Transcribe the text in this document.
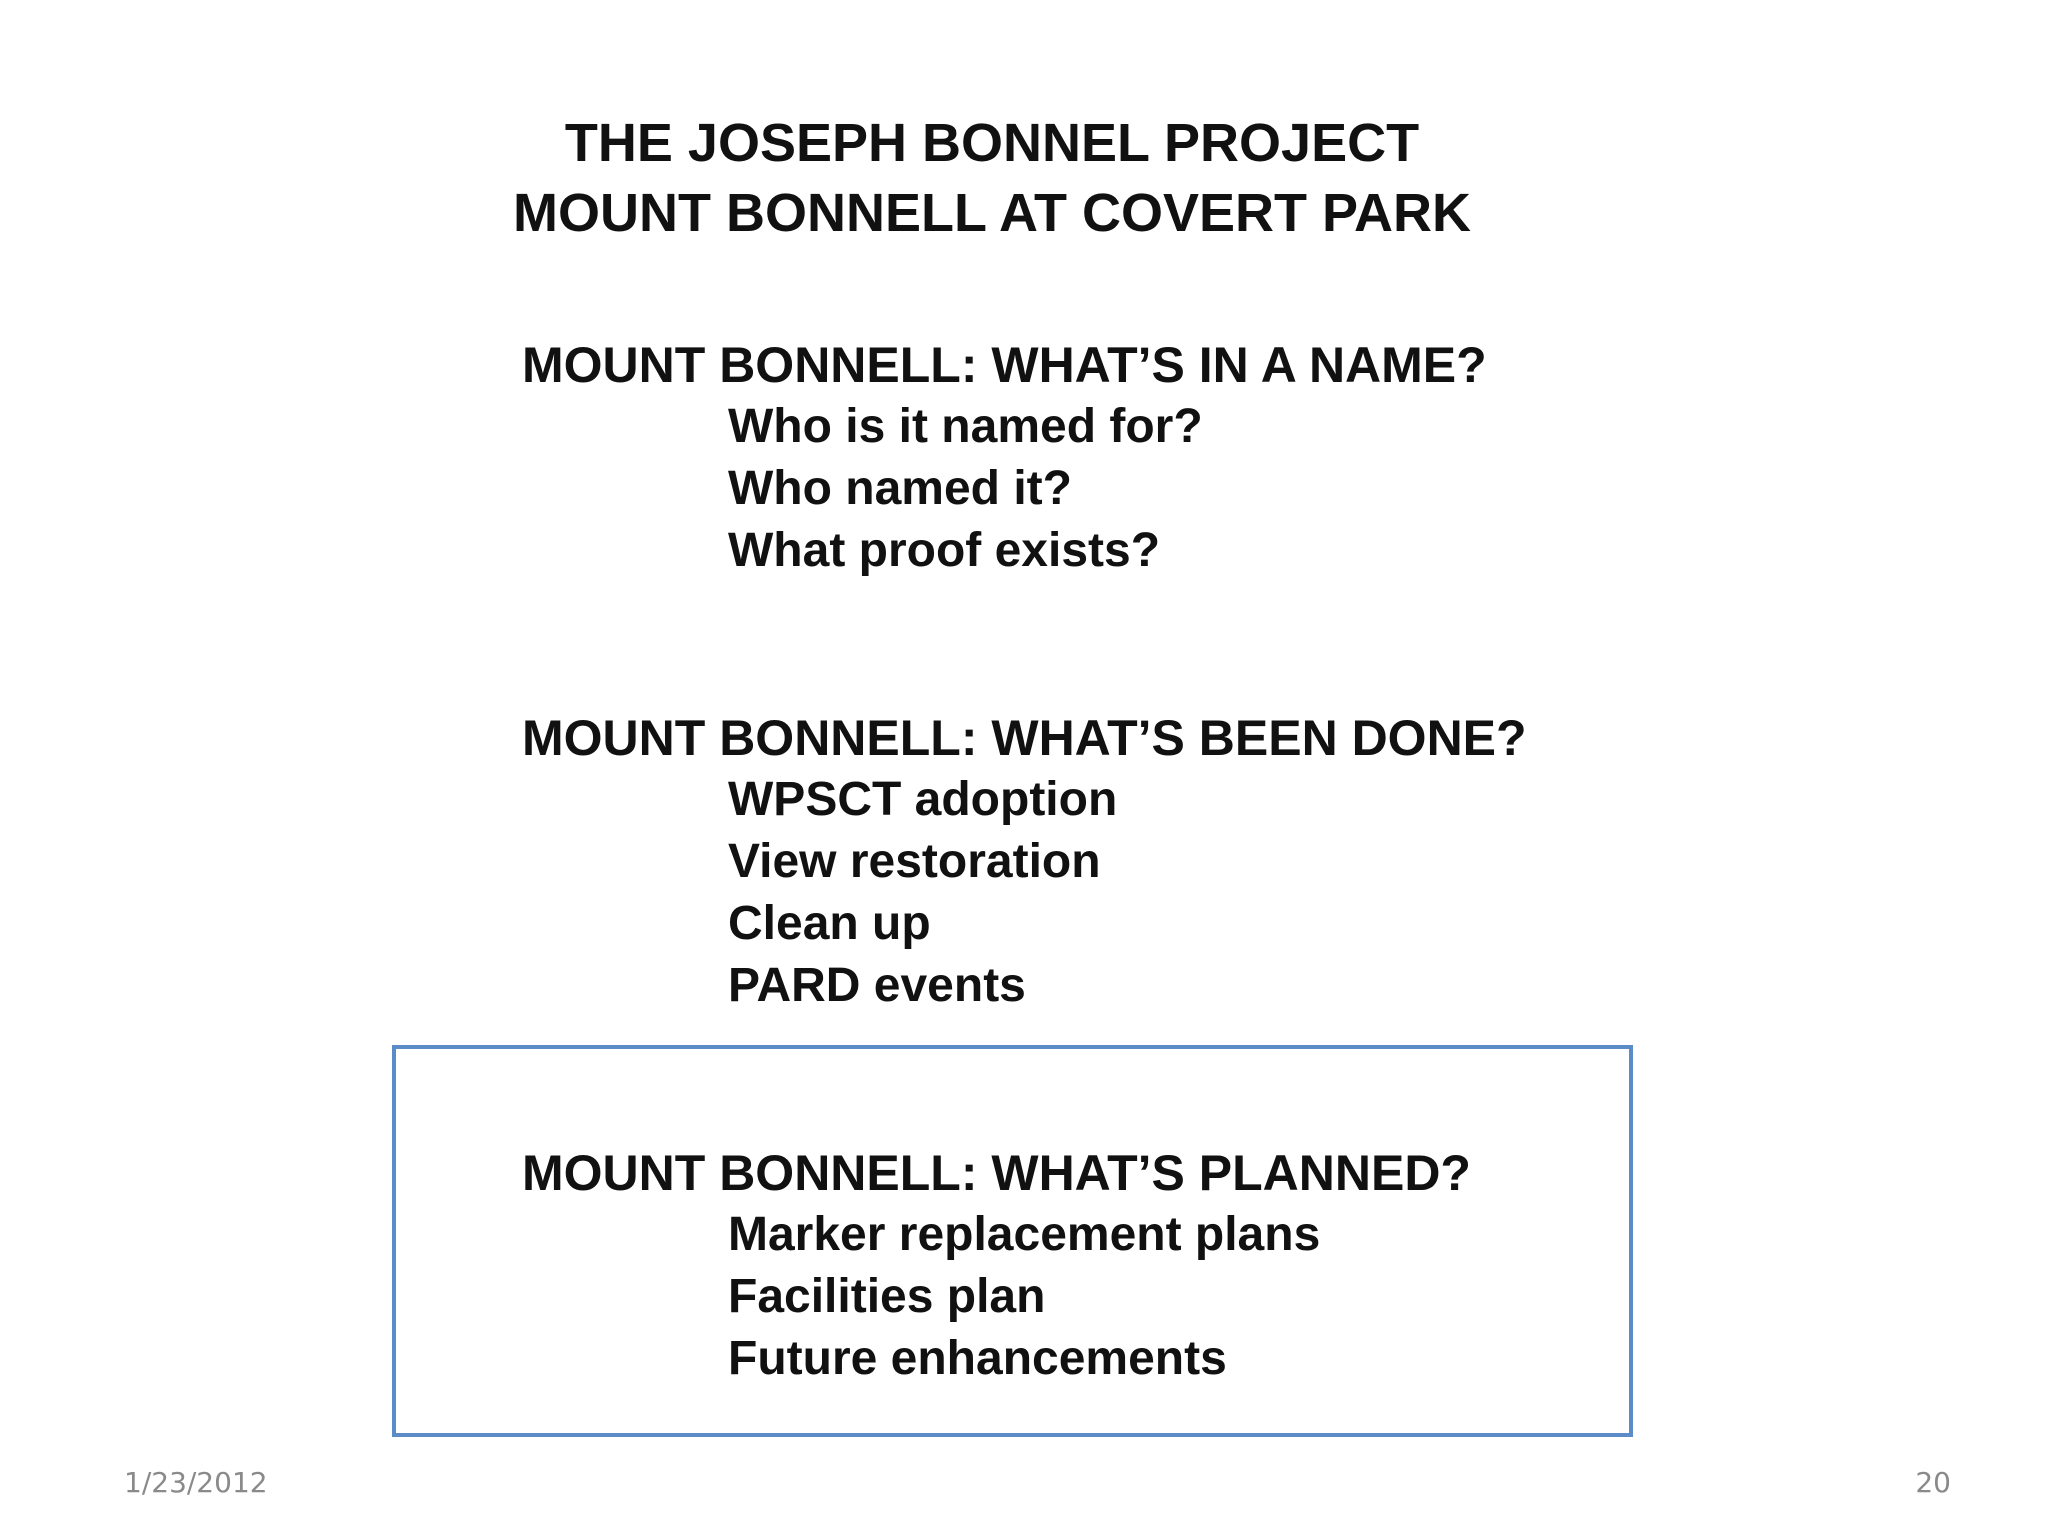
THE JOSEPH BONNEL PROJECT
MOUNT BONNELL AT COVERT PARK
MOUNT BONNELL: WHAT’S IN A NAME?
Who is it named for?
Who named it?
What proof exists?
MOUNT BONNELL: WHAT’S BEEN DONE?
WPSCT adoption
View restoration
Clean up
PARD events
MOUNT BONNELL: WHAT’S PLANNED?
Marker replacement plans
Facilities plan
Future enhancements
1/23/2012	20
